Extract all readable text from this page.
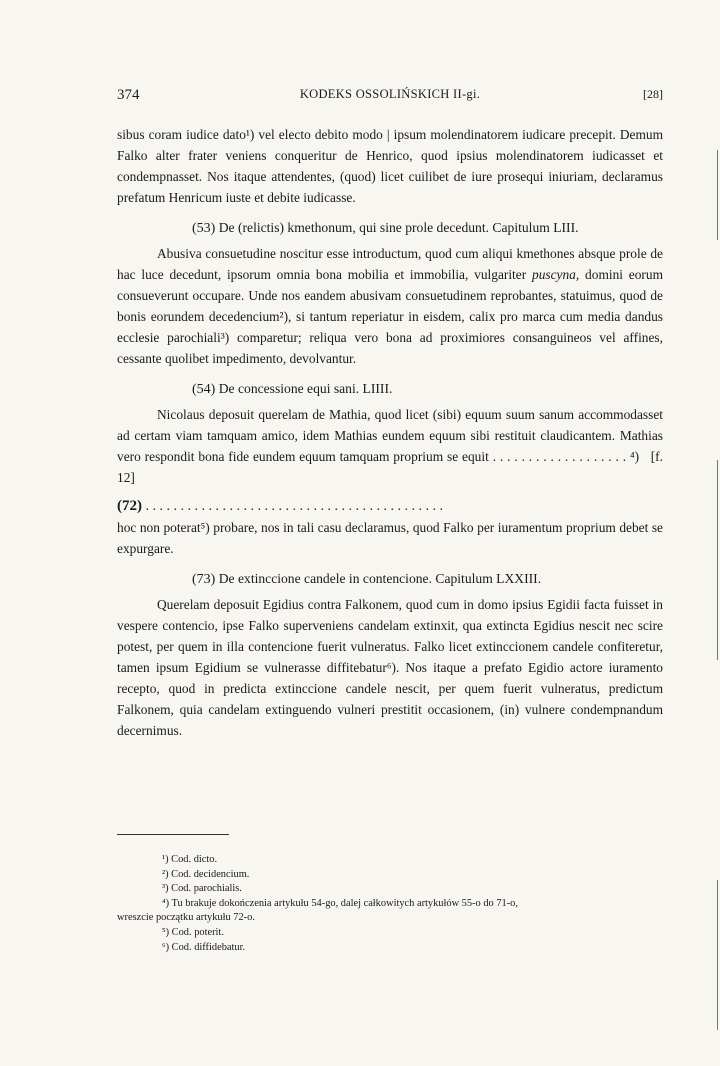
374	KODEKS OSSOLIŃSKICH II-gi.	[28]

sibus coram iudice dato¹) vel electo debito modo | ipsum molendinatorem iudicare precepit. Demum Falko alter frater veniens conqueritur de Henrico, quod ipsius molendinatorem iudicasset et condempnasset. Nos itaque attendentes, (quod) licet cuilibet de iure prosequi iniuriam, declaramus prefatum Henricum iuste et debite iudicasse.

(53) De (relictis) kmethonum, qui sine prole decedunt. Capitulum LIII.

Abusiva consuetudine noscitur esse introductum, quod cum aliqui kmethones absque prole de hac luce decedunt, ipsorum omnia bona mobilia et immobilia, vulgariter puscyna, domini eorum consueverunt occupare. Unde nos eandem abusivam consuetudinem reprobantes, statuimus, quod de bonis eorundem decedencium²), si tantum reperiatur in eisdem, calix pro marca cum media dandus ecclesie parochiali³) comparetur; reliqua vero bona ad proximiores consanguineos vel affines, cessante quolibet impedimento, devolvantur.

(54) De concessione equi sani. LIIII.

Nicolaus deposuit querelam de Mathia, quod licet (sibi) equum suum sanum accommodasset ad certam viam tamquam amico, idem Mathias eundem equum sibi restituit claudicantem. Mathias vero respondit bona fide eundem equum tamquam proprium se equit . . . . . . . . . . . . . . . . . . . ⁴) [f. 12]

(72) . . . . . . . . . . . . . . . . . . . . . . . . . . . . . . . . . . . . . . . . . . .

hoc non poterat⁵) probare, nos in tali casu declaramus, quod Falko per iuramentum proprium debet se expurgare.

(73) De extinccione candele in contencione. Capitulum LXXIII.

Querelam deposuit Egidius contra Falkonem, quod cum in domo ipsius Egidii facta fuisset in vespere contencio, ipse Falko superveniens candelam extinxit, qua extincta Egidius nescit nec scire potest, per quem in illa contencione fuerit vulneratus. Falko licet extinccionem candele confiteretur, tamen ipsum Egidium se vulnerasse diffitebatur⁶). Nos itaque a prefato Egidio actore iuramento recepto, quod in predicta extinccione candele nescit, per quem fuerit vulneratus, predictum Falkonem, quia candelam extinguendo vulneri prestitit occasionem, (in) vulnere condempnandum decernimus.

¹) Cod. dicto.
²) Cod. decidencium.
³) Cod. parochialis.
⁴) Tu brakuje dokończenia artykułu 54-go, dalej całkowitych artykułów 55-o do 71-o,
wreszcie początku artykułu 72-o.
⁵) Cod. poterit.
⁶) Cod. diffidebatur.
